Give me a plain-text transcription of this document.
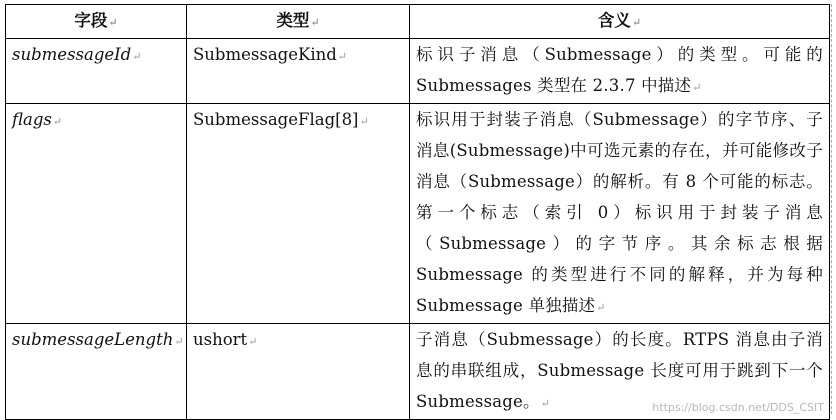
字段↵	类型↵	含义↵
submessageId↵	SubmessageKind↵	标识子消息（Submessage）的类型。可能的Submessages 类型在 2.3.7 中描述↵
flags↵	SubmessageFlag[8]↵	标识用于封装子消息（Submessage）的字节序、子消息(Submessage)中可选元素的存在，并可能修改子消息（Submessage）的解析。有 8 个可能的标志。第一个标志（索引 0）标识用于封装子消息（Submessage）的字节序。其余标志根据 Submessage 的类型进行不同的解释，并为每种 Submessage 单独描述↵
submessageLength↵	ushort↵	子消息（Submessage）的长度。RTPS 消息由子消息的串联组成，Submessage 长度可用于跳到下一个 Submessage。↵	https://blog.csdn.net/DDS_CSIT
